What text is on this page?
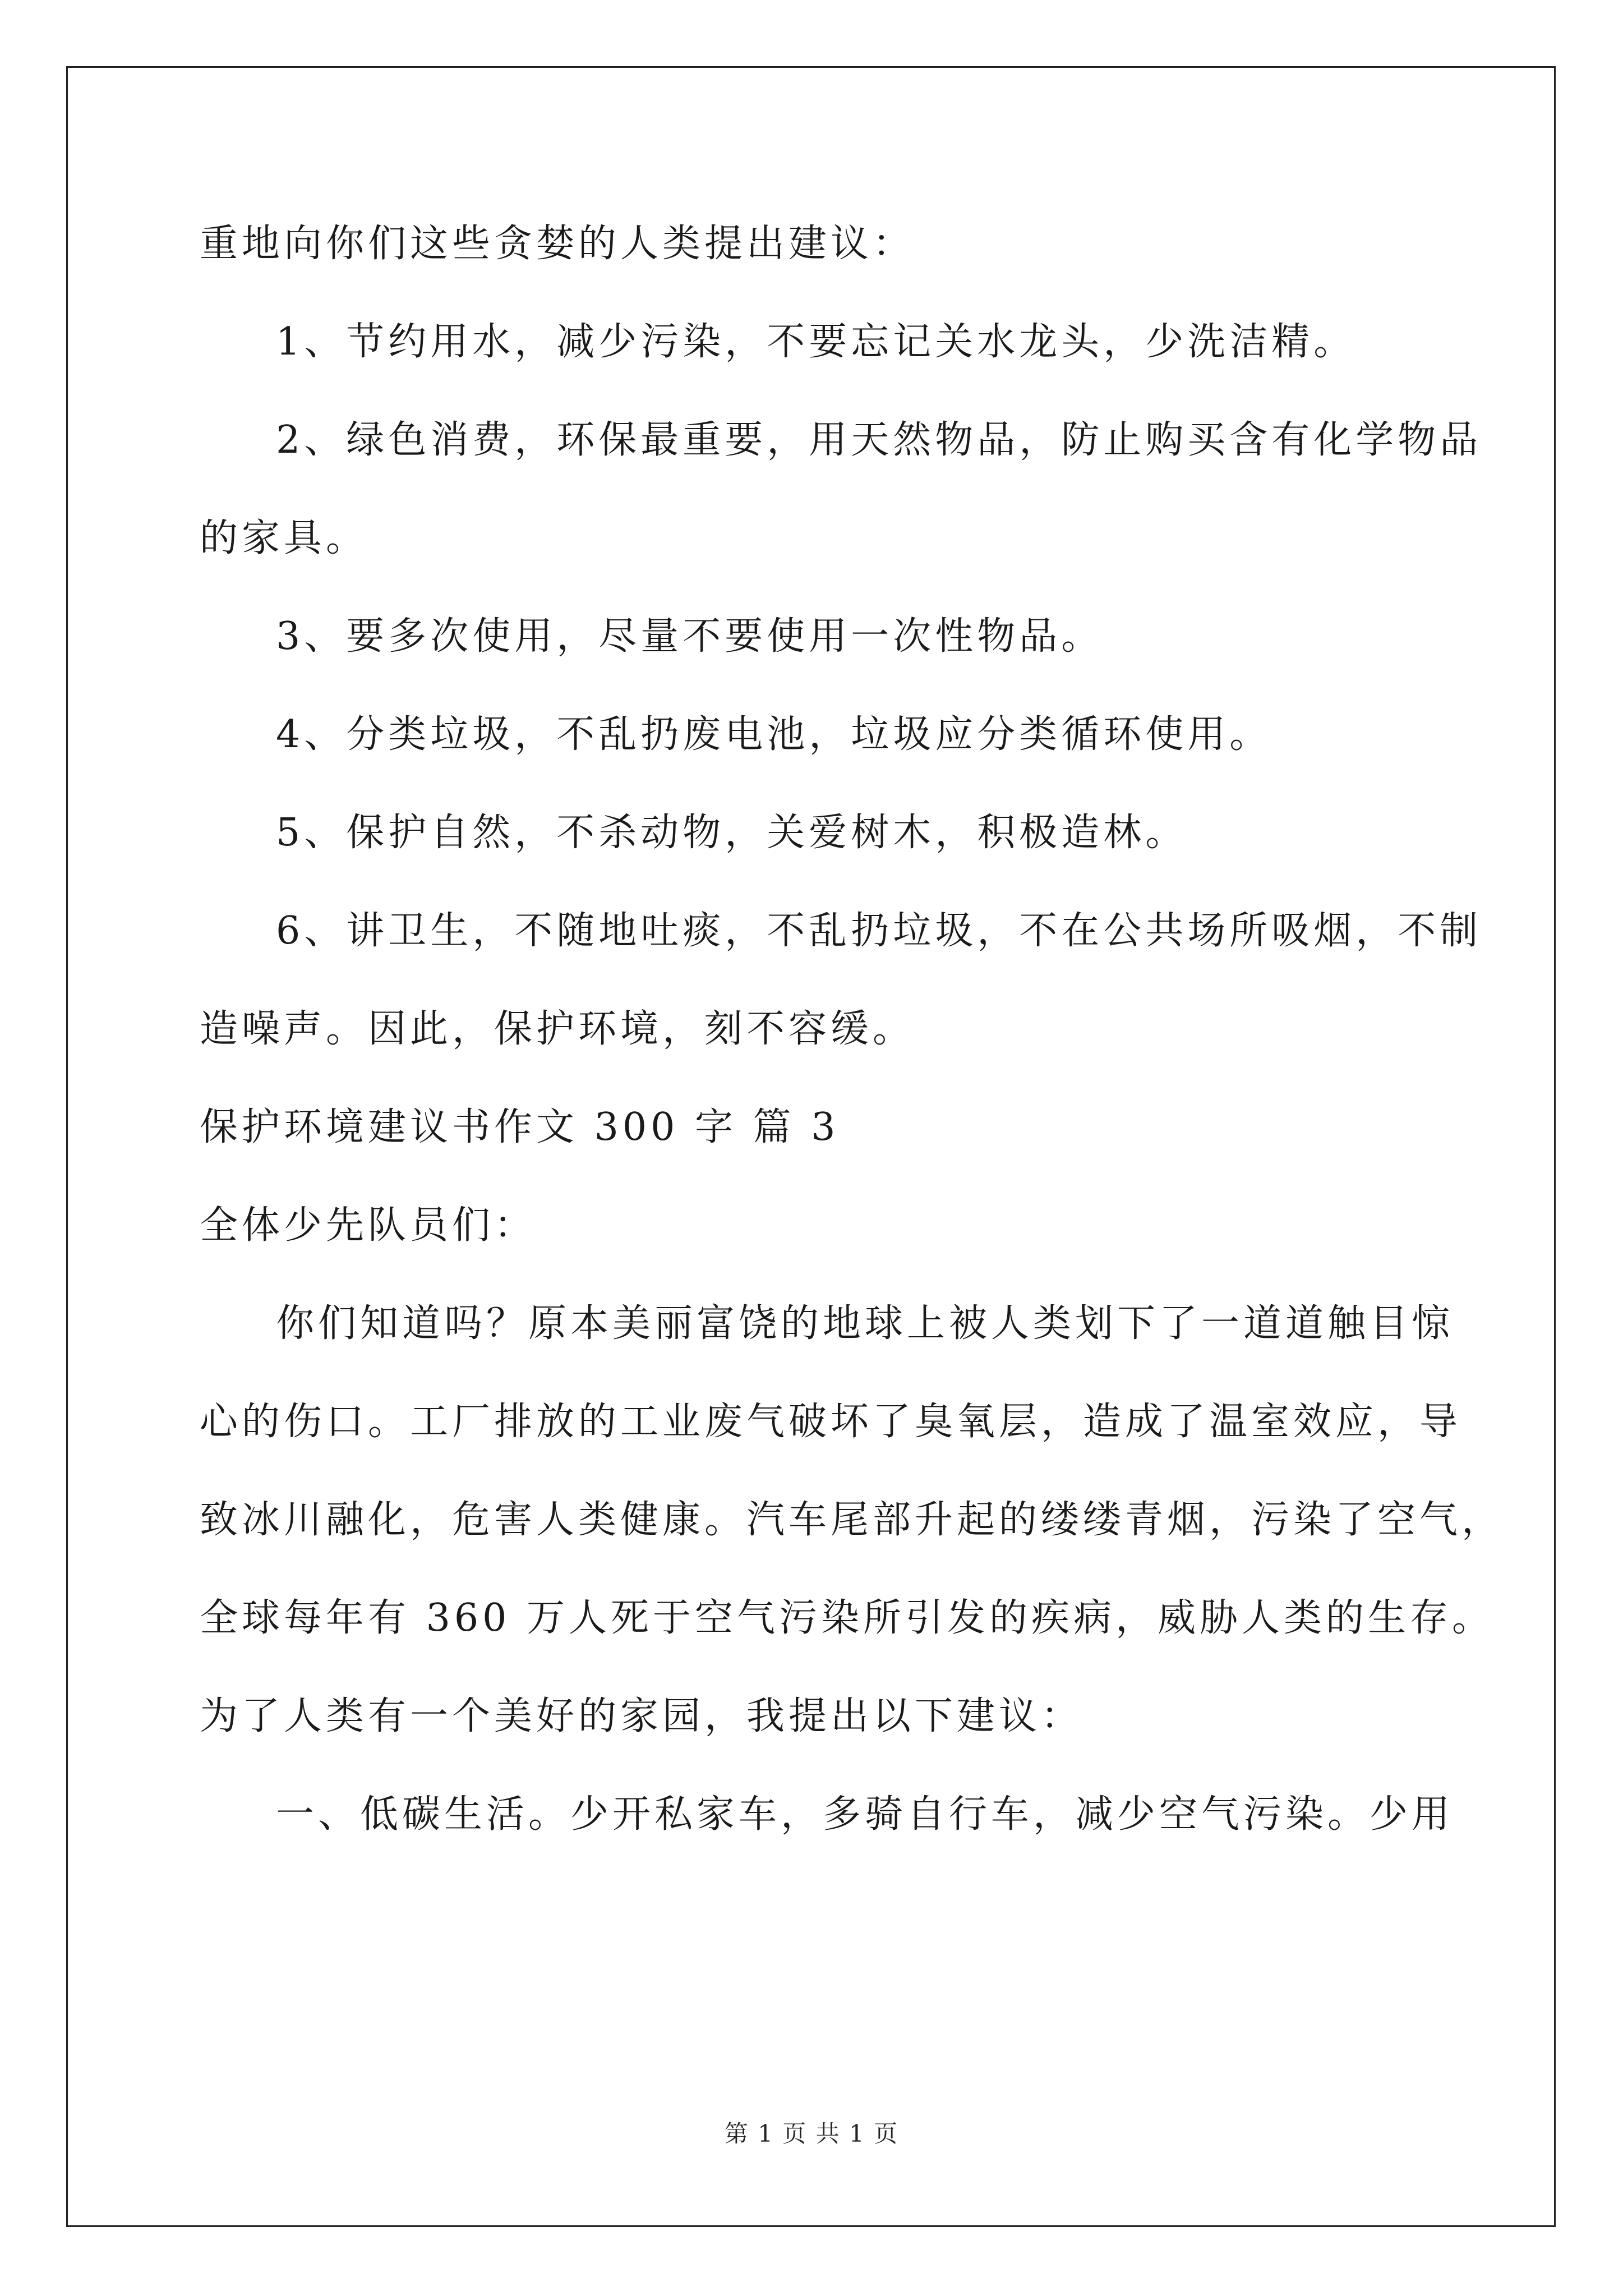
重地向你们这些贪婪的人类提出建议：
1、节约用水，减少污染，不要忘记关水龙头，少洗洁精。
2、绿色消费，环保最重要，用天然物品，防止购买含有化学物品
的家具。
3、要多次使用，尽量不要使用一次性物品。
4、分类垃圾，不乱扔废电池，垃圾应分类循环使用。
5、保护自然，不杀动物，关爱树木，积极造林。
6、讲卫生，不随地吐痰，不乱扔垃圾，不在公共场所吸烟，不制
造噪声。因此，保护环境，刻不容缓。
保护环境建议书作文 300 字 篇 3
全体少先队员们：
你们知道吗？原本美丽富饶的地球上被人类划下了一道道触目惊
心的伤口。工厂排放的工业废气破坏了臭氧层，造成了温室效应，导
致冰川融化，危害人类健康。汽车尾部升起的缕缕青烟，污染了空气，
全球每年有 360 万人死于空气污染所引发的疾病，威胁人类的生存。
为了人类有一个美好的家园，我提出以下建议：
一、低碳生活。少开私家车，多骑自行车，减少空气污染。少用
第 1 页 共 1 页
